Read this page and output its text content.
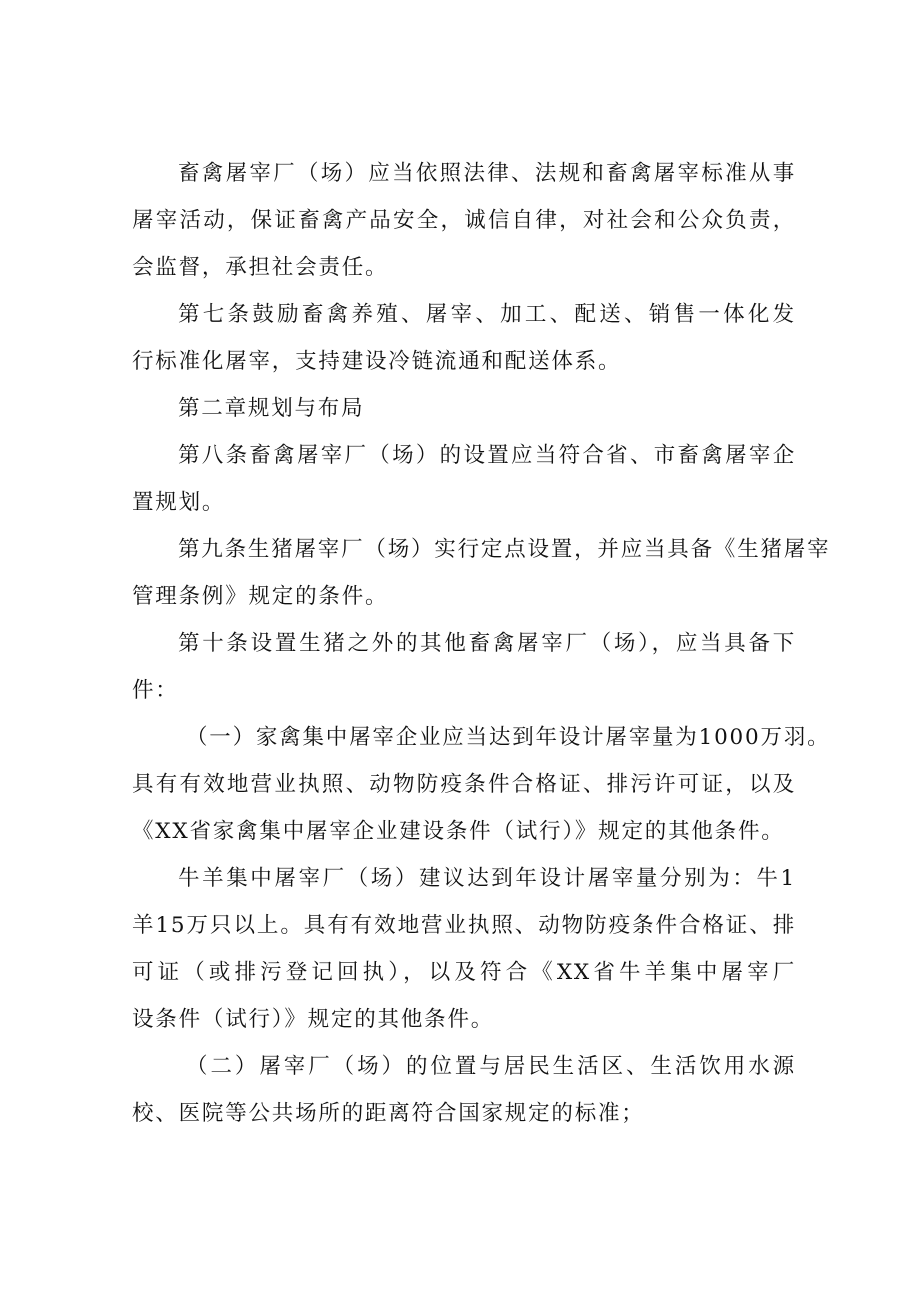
畜禽屠宰厂（场）应当依照法律、法规和畜禽屠宰标准从事
屠宰活动，保证畜禽产品安全，诚信自律，对社会和公众负责，
会监督，承担社会责任。
第七条鼓励畜禽养殖、屠宰、加工、配送、销售一体化发
行标准化屠宰，支持建设冷链流通和配送体系。
第二章规划与布局
第八条畜禽屠宰厂（场）的设置应当符合省、市畜禽屠宰企
置规划。
第九条生猪屠宰厂（场）实行定点设置，并应当具备《生猪屠宰
管理条例》规定的条件。
第十条设置生猪之外的其他畜禽屠宰厂（场），应当具备下
件：
（一）家禽集中屠宰企业应当达到年设计屠宰量为1000万羽。
具有有效地营业执照、动物防疫条件合格证、排污许可证，以及
《XX省家禽集中屠宰企业建设条件（试行）》规定的其他条件。
牛羊集中屠宰厂（场）建议达到年设计屠宰量分别为：牛1
羊15万只以上。具有有效地营业执照、动物防疫条件合格证、排
可证（或排污登记回执），以及符合《XX省牛羊集中屠宰厂
设条件（试行）》规定的其他条件。
（二）屠宰厂（场）的位置与居民生活区、生活饮用水源
校、医院等公共场所的距离符合国家规定的标准；
